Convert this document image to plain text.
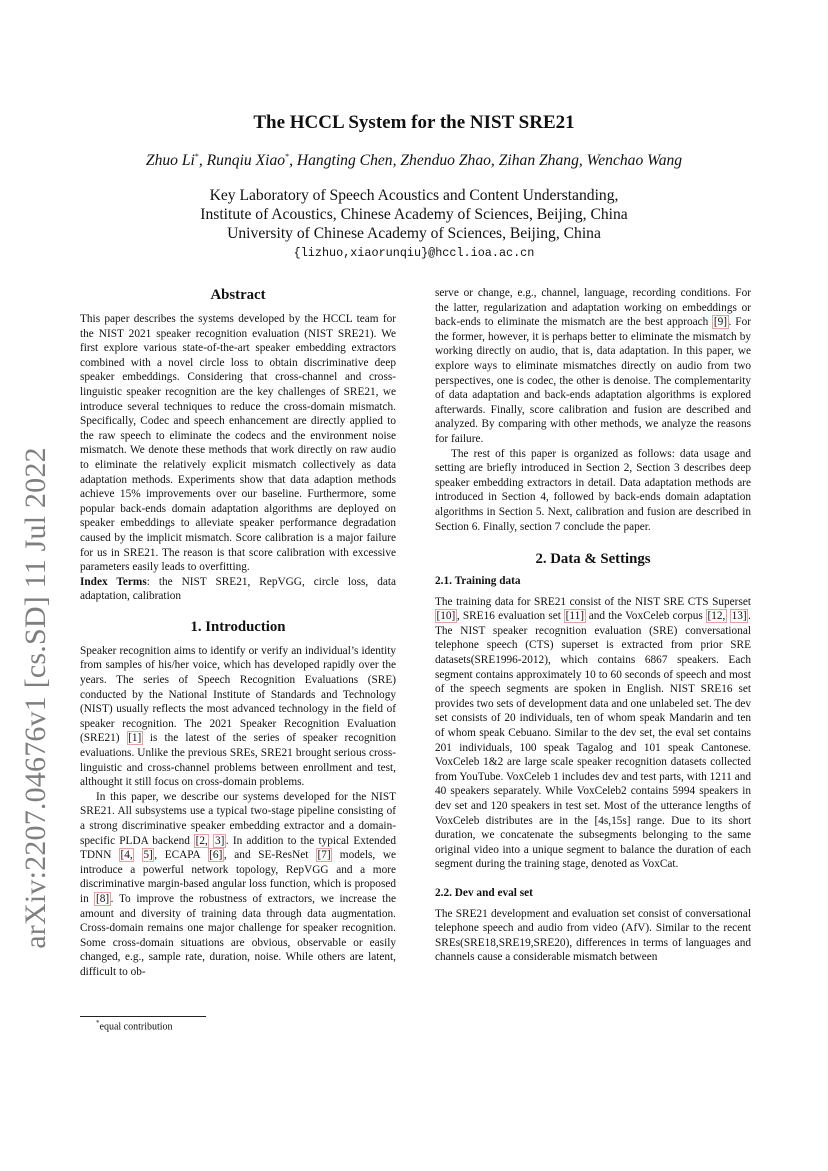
arXiv:2207.04676v1 [cs.SD] 11 Jul 2022
The HCCL System for the NIST SRE21
Zhuo Li*, Runqiu Xiao*, Hangting Chen, Zhenduo Zhao, Zihan Zhang, Wenchao Wang
Key Laboratory of Speech Acoustics and Content Understanding,
Institute of Acoustics, Chinese Academy of Sciences, Beijing, China
University of Chinese Academy of Sciences, Beijing, China
{lizhuo,xiaorunqiu}@hccl.ioa.ac.cn
Abstract

This paper describes the systems developed by the HCCL team for the NIST 2021 speaker recognition evaluation (NIST SRE21). We first explore various state-of-the-art speaker embedding extractors combined with a novel circle loss to obtain discriminative deep speaker embeddings. Considering that cross-channel and cross-linguistic speaker recognition are the key challenges of SRE21, we introduce several techniques to reduce the cross-domain mismatch. Specifically, Codec and speech enhancement are directly applied to the raw speech to eliminate the codecs and the environment noise mismatch. We denote these methods that work directly on raw audio to eliminate the relatively explicit mismatch collectively as data adaptation methods. Experiments show that data adaption methods achieve 15% improvements over our baseline. Furthermore, some popular back-ends domain adaptation algorithms are deployed on speaker embeddings to alleviate speaker performance degradation caused by the implicit mismatch. Score calibration is a major failure for us in SRE21. The reason is that score calibration with excessive parameters easily leads to overfitting.

Index Terms: the NIST SRE21, RepVGG, circle loss, data adaptation, calibration

1. Introduction

Speaker recognition aims to identify or verify an individual’s identity from samples of his/her voice, which has developed rapidly over the years. The series of Speech Recognition Evaluations (SRE) conducted by the National Institute of Standards and Technology (NIST) usually reflects the most advanced technology in the field of speaker recognition. The 2021 Speaker Recognition Evaluation (SRE21) [1] is the latest of the series of speaker recognition evaluations. Unlike the previous SREs, SRE21 brought serious cross-linguistic and cross-channel problems between enrollment and test, althought it still focus on cross-domain problems.

In this paper, we describe our systems developed for the NIST SRE21. All subsystems use a typical two-stage pipeline consisting of a strong discriminative speaker embedding extractor and a domain-specific PLDA backend [2, 3] . In addition to the typical Extended TDNN [4, 5] , ECAPA [6] , and SE-ResNet [7] models, we introduce a powerful network topology, RepVGG and a more discriminative margin-based angular loss function, which is proposed in [8] . To improve the robustness of extractors, we increase the amount and diversity of training data through data augmentation. Cross-domain remains one major challenge for speaker recognition. Some cross-domain situations are obvious, observable or easily changed, e.g., sample rate, duration, noise. While others are latent, difficult to ob-

*equal contribution

serve or change, e.g., channel, language, recording conditions. For the latter, regularization and adaptation working on embeddings or back-ends to eliminate the mismatch are the best approach [9] . For the former, however, it is perhaps better to eliminate the mismatch by working directly on audio, that is, data adaptation. In this paper, we explore ways to eliminate mismatches directly on audio from two perspectives, one is codec, the other is denoise. The complementarity of data adaptation and back-ends adaptation algorithms is explored afterwards. Finally, score calibration and fusion are described and analyzed. By comparing with other methods, we analyze the reasons for failure.

The rest of this paper is organized as follows: data usage and setting are briefly introduced in Section 2, Section 3 describes deep speaker embedding extractors in detail. Data adaptation methods are introduced in Section 4, followed by back-ends domain adaptation algorithms in Section 5. Next, calibration and fusion are described in Section 6. Finally, section 7 conclude the paper.

2. Data & Settings
2.1. Training data

The training data for SRE21 consist of the NIST SRE CTS Superset [10] , SRE16 evaluation set [11] and the VoxCeleb corpus [12, 13] . The NIST speaker recognition evaluation (SRE) conversational telephone speech (CTS) superset is extracted from prior SRE datasets(SRE1996-2012), which contains 6867 speakers. Each segment contains approximately 10 to 60 seconds of speech and most of the speech segments are spoken in English. NIST SRE16 set provides two sets of development data and one unlabeled set. The dev set consists of 20 individuals, ten of whom speak Mandarin and ten of whom speak Cebuano. Similar to the dev set, the eval set contains 201 individuals, 100 speak Tagalog and 101 speak Cantonese. VoxCeleb 1&2 are large scale speaker recognition datasets collected from YouTube. VoxCeleb 1 includes dev and test parts, with 1211 and 40 speakers separately. While VoxCeleb2 contains 5994 speakers in dev set and 120 speakers in test set. Most of the utterance lengths of VoxCeleb distributes are in the [4s,15s] range. Due to its short duration, we concatenate the subsegments belonging to the same original video into a unique segment to balance the duration of each segment during the training stage, denoted as VoxCat.

2.2. Dev and eval set

The SRE21 development and evaluation set consist of conversational telephone speech and audio from video (AfV). Similar to the recent SREs(SRE18,SRE19,SRE20), differences in terms of languages and channels cause a considerable mismatch between
